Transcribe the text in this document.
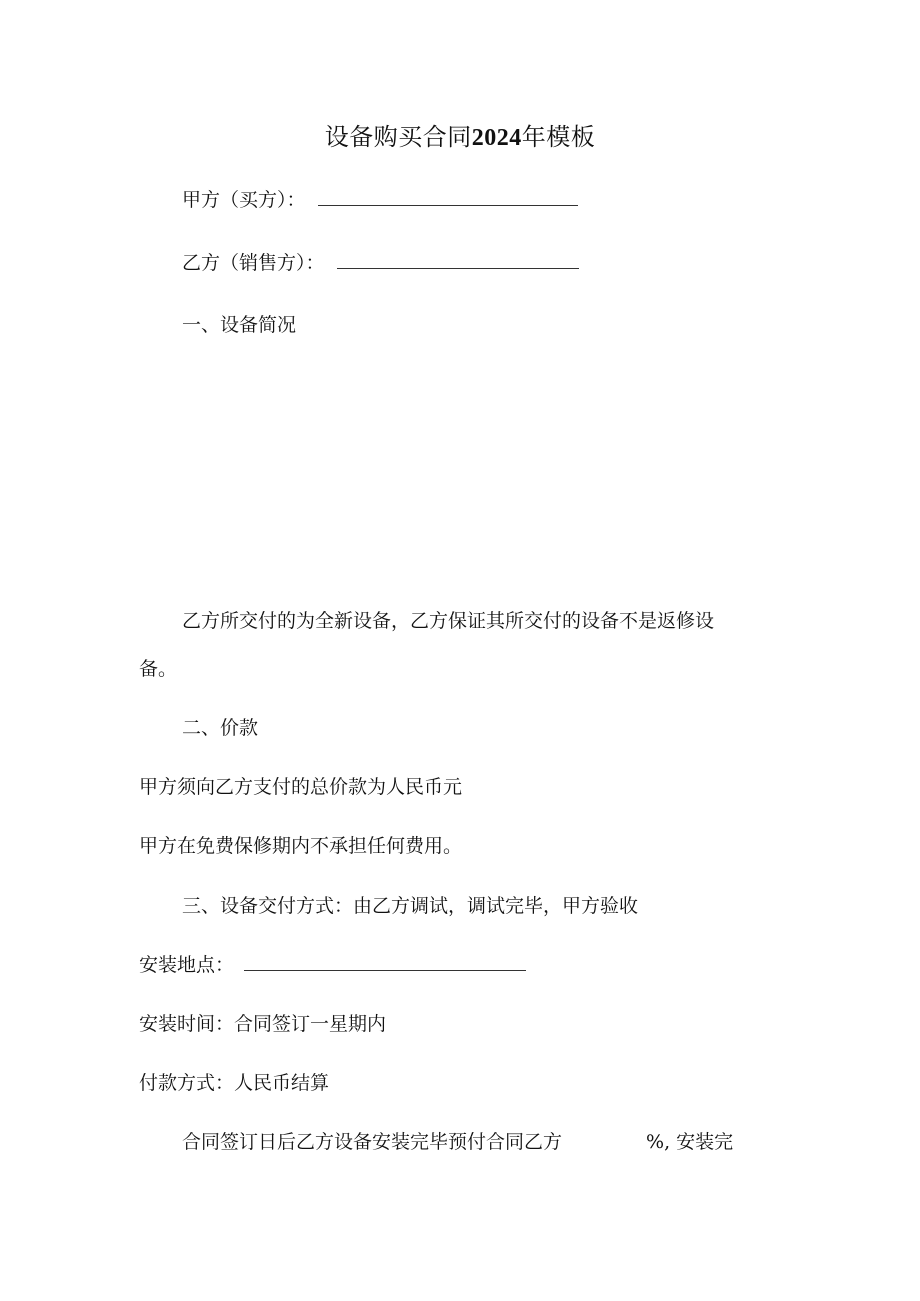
设备购买合同2024年模板
甲方（买方）：
乙方（销售方）：
一、设备简况
乙方所交付的为全新设备，乙方保证其所交付的设备不是返修设
备。
二、价款
甲方须向乙方支付的总价款为人民币元
甲方在免费保修期内不承担任何费用。
三、设备交付方式：由乙方调试，调试完毕，甲方验收
安装地点：
安装时间：合同签订一星期内
付款方式：人民币结算
合同签订日后乙方设备安装完毕预付合同乙方	%, 安装完
